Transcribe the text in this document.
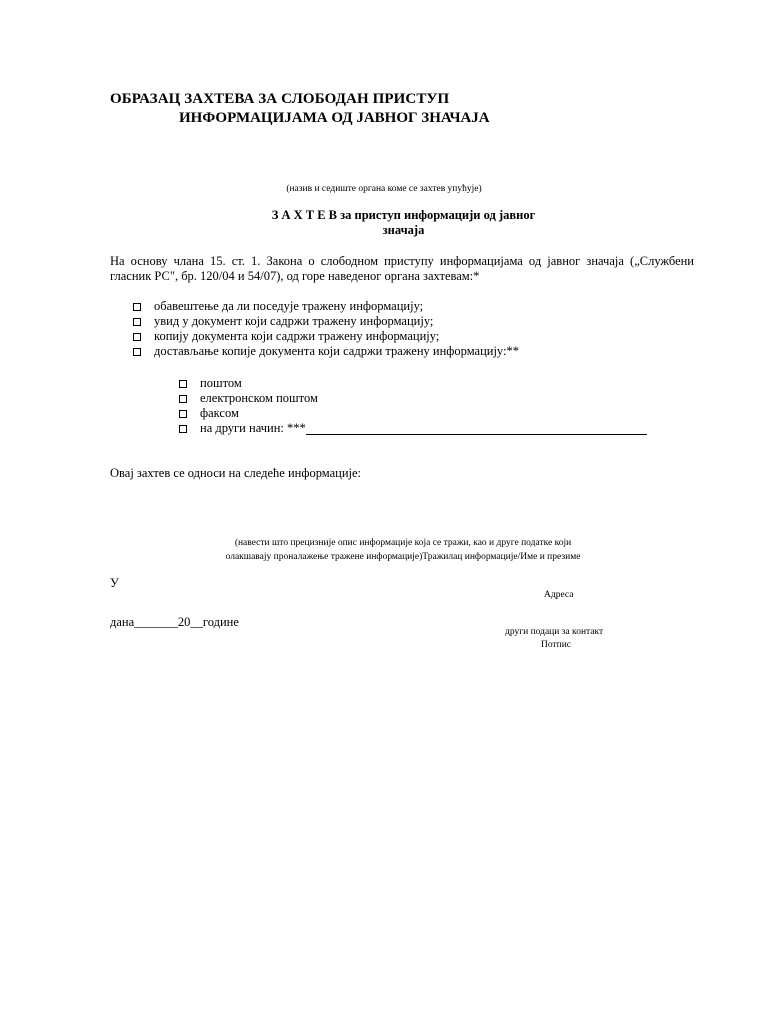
ОБРАЗАЦ ЗАХТЕВА ЗА СЛОБОДАН ПРИСТУП
ИНФОРМАЦИЈАМА ОД ЈАВНОГ ЗНАЧАЈА
(назив и седиште органа коме се захтев упућује)
З А Х Т Е В за приступ информацији од јавног
значаја
На основу члана 15. ст. 1. Закона о слободном приступу информацијама од јавног значаја („Службени гласник РС", бр. 120/04 и 54/07), од горе наведеног органа захтевам:*
обавештење да ли поседује тражену информацију;
увид у документ који садржи тражену информацију;
копију документа који садржи тражену информацију;
достављање копије документа који садржи тражену информацију:**
поштом
електронском поштом
факсом
на други начин: ***
Овај захтев се односи на следеће информације:
(навести што прецизније опис информације која се тражи, као и друге податке који
олакшавају проналажење тражене информације)Тражилац информације/Име и презиме
У
Адреса
дана_______20__године
други подаци за контакт
Потпис
